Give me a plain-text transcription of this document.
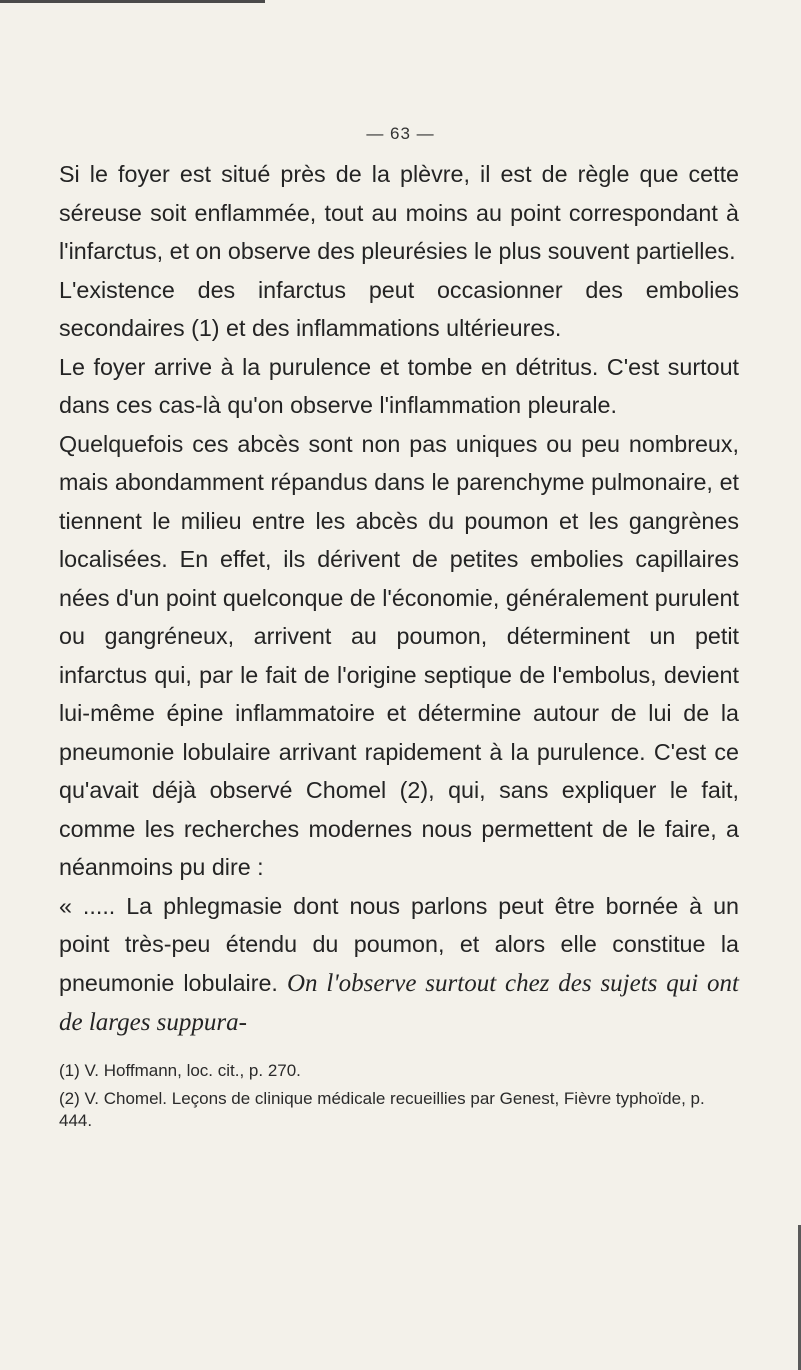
— 63 —

Si le foyer est situé près de la plèvre, il est de règle que cette séreuse soit enflammée, tout au moins au point correspondant à l'infarctus, et on observe des pleurésies le plus souvent partielles.

L'existence des infarctus peut occasionner des embolies secondaires (1) et des inflammations ultérieures.

Le foyer arrive à la purulence et tombe en détritus. C'est surtout dans ces cas-là qu'on observe l'inflammation pleurale.

Quelquefois ces abcès sont non pas uniques ou peu nombreux, mais abondamment répandus dans le parenchyme pulmonaire, et tiennent le milieu entre les abcès du poumon et les gangrènes localisées. En effet, ils dérivent de petites embolies capillaires nées d'un point quelconque de l'économie, généralement purulent ou gangréneux, arrivent au poumon, déterminent un petit infarctus qui, par le fait de l'origine septique de l'embolus, devient lui-même épine inflammatoire et détermine autour de lui de la pneumonie lobulaire arrivant rapidement à la purulence. C'est ce qu'avait déjà observé Chomel (2), qui, sans expliquer le fait, comme les recherches modernes nous permettent de le faire, a néanmoins pu dire :

« ..... La phlegmasie dont nous parlons peut être bornée à un point très-peu étendu du poumon, et alors elle constitue la pneumonie lobulaire. On l'observe surtout chez des sujets qui ont de larges suppura-

(1) V. Hoffmann, loc. cit., p. 270.

(2) V. Chomel. Leçons de clinique médicale recueillies par Genest, Fièvre typhoïde, p. 444.
